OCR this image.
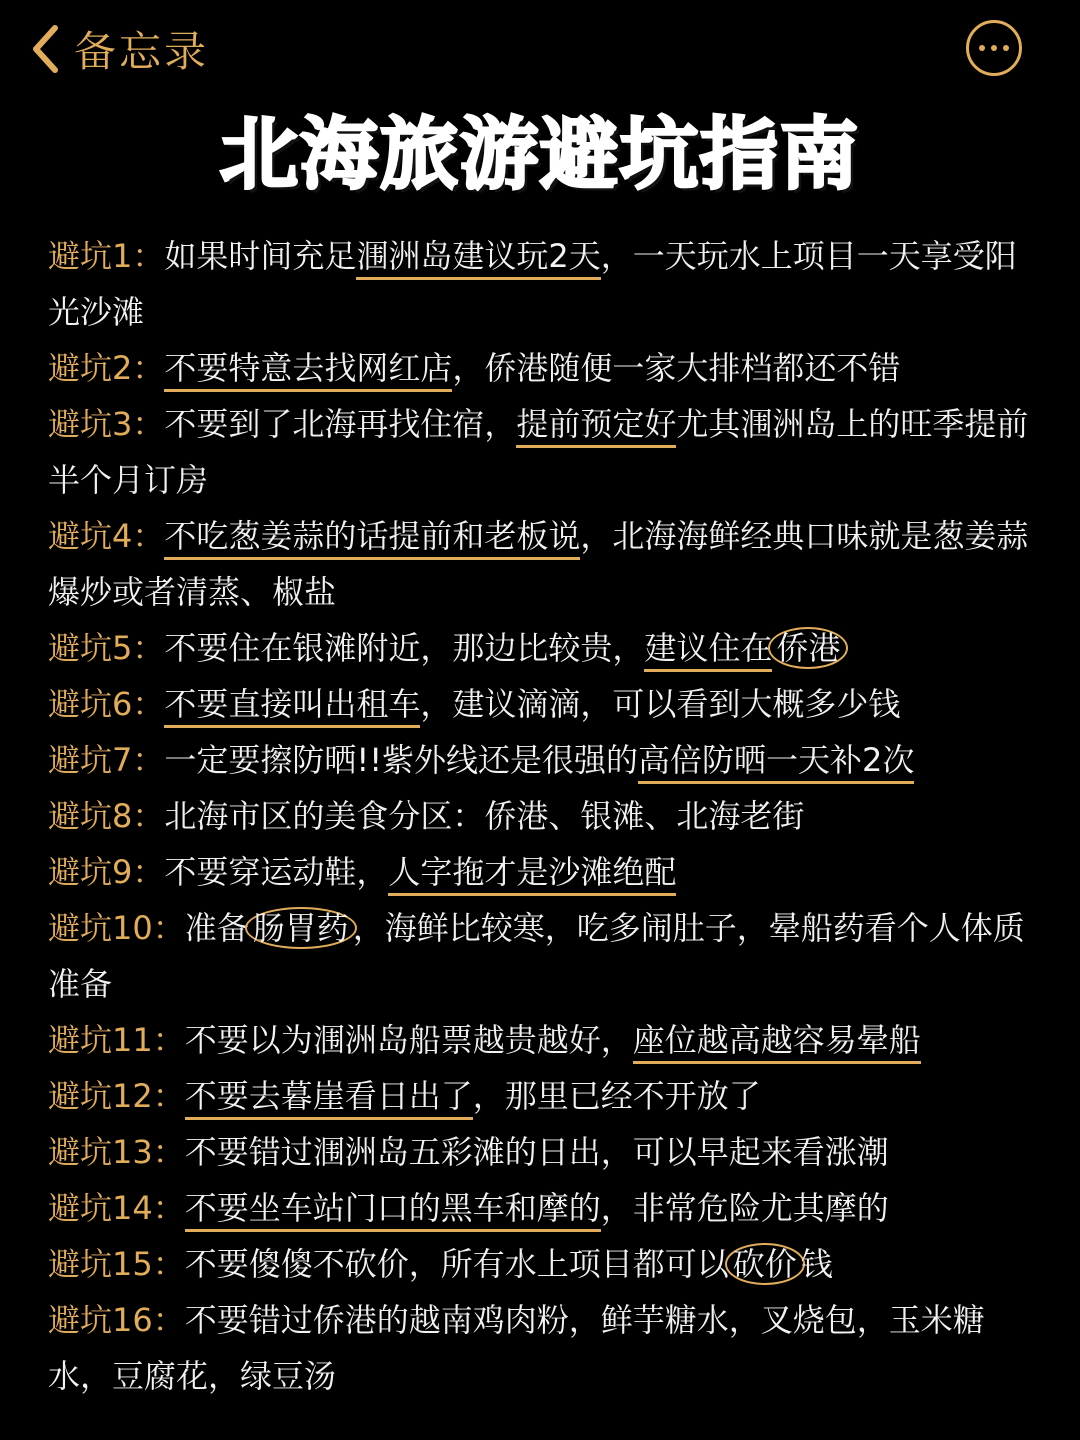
备忘录
北海旅游避坑指南

避坑1：如果时间充足涠洲岛建议玩2天，一天玩水上项目一天享受阳光沙滩

避坑2：不要特意去找网红店，侨港随便一家大排档都还不错

避坑3：不要到了北海再找住宿，提前预定好尤其涠洲岛上的旺季提前半个月订房

避坑4：不吃葱姜蒜的话提前和老板说，北海海鲜经典口味就是葱姜蒜爆炒或者清蒸、椒盐

避坑5：不要住在银滩附近，那边比较贵，建议住在 侨港

避坑6：不要直接叫出租车，建议滴滴，可以看到大概多少钱

避坑7：一定要擦防晒!!紫外线还是很强的高倍防晒一天补2次

避坑8：北海市区的美食分区：侨港、银滩、北海老街

避坑9：不要穿运动鞋，人字拖才是沙滩绝配

避坑10：准备 肠胃药 ，海鲜比较寒，吃多闹肚子，晕船药看个人体质准备

避坑11：不要以为涠洲岛船票越贵越好，座位越高越容易晕船

避坑12：不要去暮崖看日出了，那里已经不开放了

避坑13：不要错过涠洲岛五彩滩的日出，可以早起来看涨潮

避坑14：不要坐车站门口的黑车和摩的，非常危险尤其摩的

避坑15：不要傻傻不砍价，所有水上项目都可以 砍价 钱

避坑16：不要错过侨港的越南鸡肉粉，鲜芋糖水，叉烧包，玉米糖水，豆腐花，绿豆汤
